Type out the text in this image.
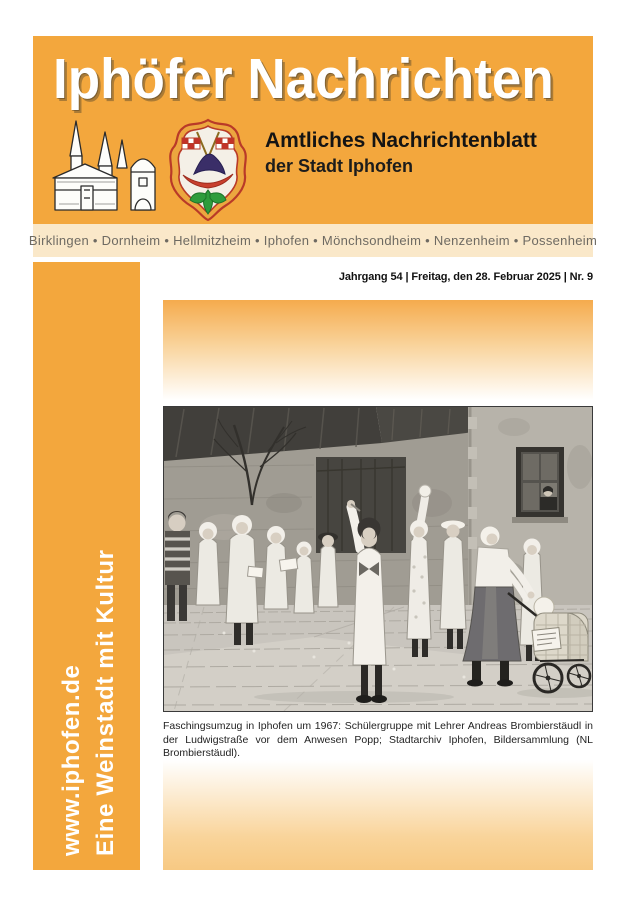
Iphöfer Nachrichten
Amtliches Nachrichtenblatt
der Stadt Iphofen
Birklingen • Dornheim • Hellmitzheim • Iphofen • Mönchsondheim • Nenzenheim • Possenheim
Jahrgang 54 | Freitag, den 28. Februar 2025 | Nr. 9
www.iphofen.de Eine Weinstadt mit Kultur	Faschingsumzug in Iphofen um 1967: Schülergruppe mit Lehrer Andreas Brombierstäudl in der Ludwigstraße vor dem Anwesen Popp; Stadtarchiv Iphofen, Bildersammlung (NL Brombierstäudl).
